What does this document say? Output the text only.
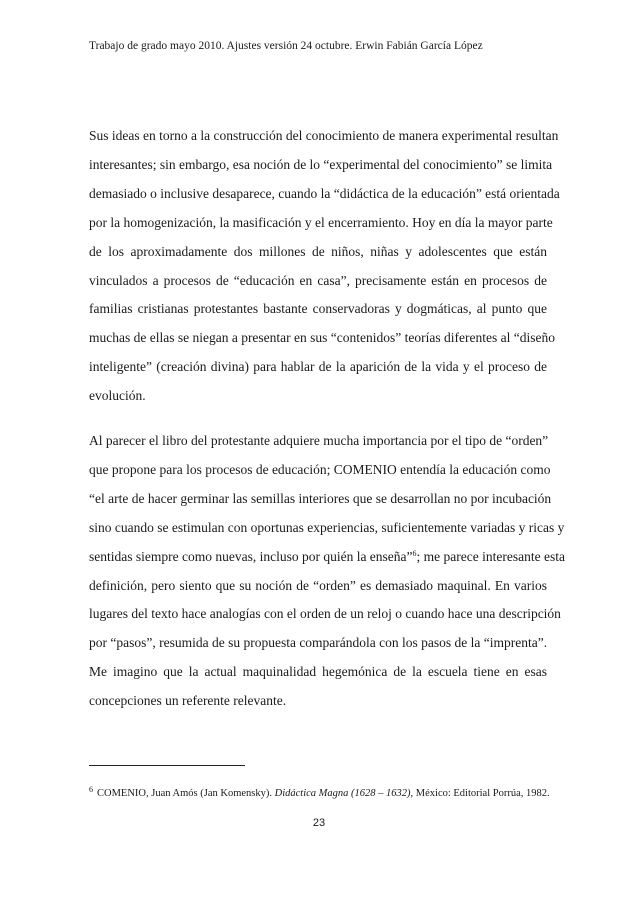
Trabajo de grado mayo 2010. Ajustes versión 24 octubre. Erwin Fabián García López
Sus ideas en torno a la construcción del conocimiento de manera experimental resultan
interesantes; sin embargo, esa noción de lo “experimental del conocimiento” se limita
demasiado o inclusive desaparece, cuando la “didáctica de la educación” está orientada
por la homogenización, la masificación y el encerramiento. Hoy en día la mayor parte
de los aproximadamente dos millones de niños, niñas y adolescentes que están
vinculados a procesos de “educación en casa”, precisamente están en procesos de
familias cristianas protestantes bastante conservadoras y dogmáticas, al punto que
muchas de ellas se niegan a presentar en sus “contenidos” teorías diferentes al “diseño
inteligente” (creación divina) para hablar de la aparición de la vida y el proceso de
evolución.
Al parecer el libro del protestante adquiere mucha importancia por el tipo de “orden”
que propone para los procesos de educación; COMENIO entendía la educación como
“el arte de hacer germinar las semillas interiores que se desarrollan no por incubación
sino cuando se estimulan con oportunas experiencias, suficientemente variadas y ricas y
sentidas siempre como nuevas, incluso por quién la enseña”$^6$; me parece interesante esta
definición, pero siento que su noción de “orden” es demasiado maquinal. En varios
lugares del texto hace analogías con el orden de un reloj o cuando hace una descripción
por “pasos”, resumida de su propuesta comparándola con los pasos de la “imprenta”.
Me imagino que la actual maquinalidad hegemónica de la escuela tiene en esas
concepciones un referente relevante.
$^6$ COMENIO, Juan Amós (Jan Komensky). Didáctica Magna (1628 – 1632), México: Editorial Porrúa, 1982.
23
